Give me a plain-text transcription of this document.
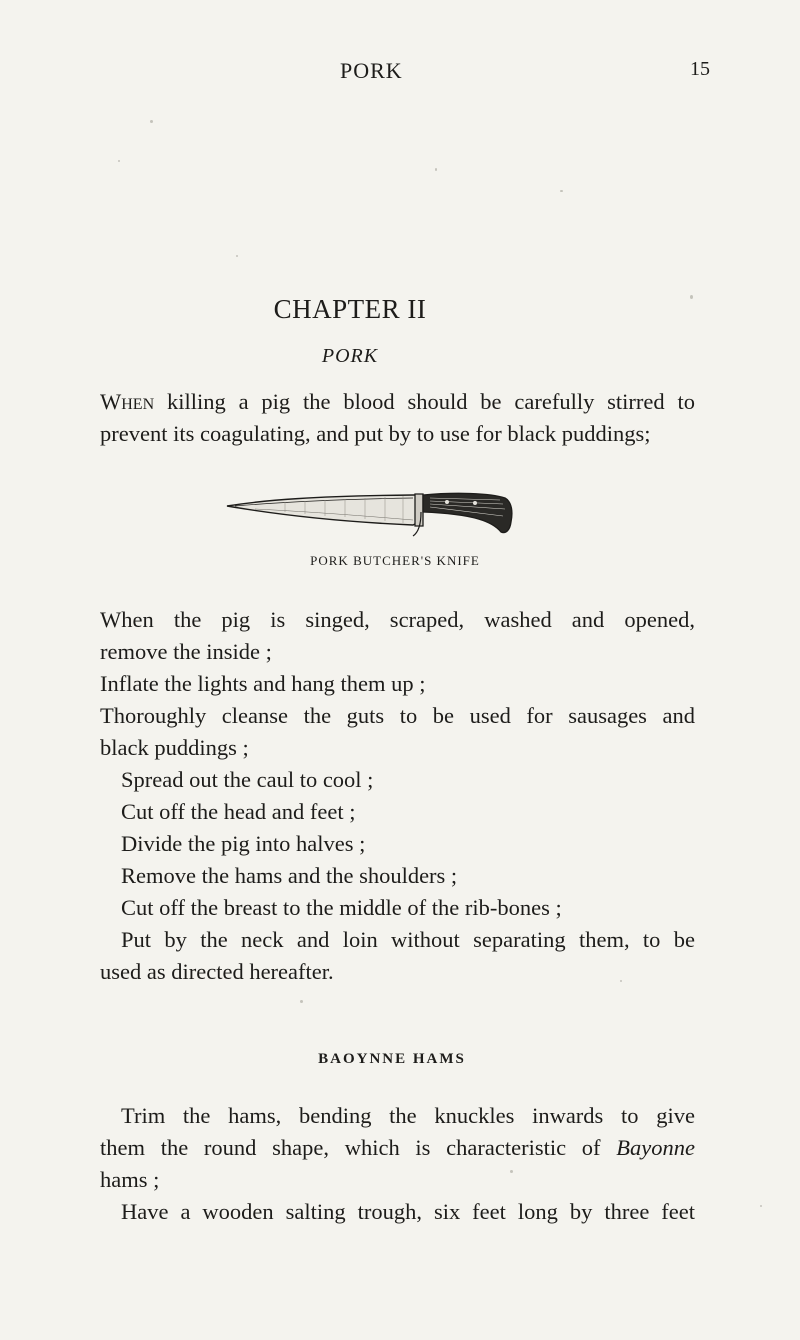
PORK	15
CHAPTER II
PORK
When killing a pig the blood should be carefully stirred to
prevent its coagulating, and put by to use for black puddings;
PORK BUTCHER'S KNIFE
When the pig is singed, scraped, washed and opened,
remove the inside ;
Inflate the lights and hang them up ;
Thoroughly cleanse the guts to be used for sausages and
black puddings ;
Spread out the caul to cool ;
Cut off the head and feet ;
Divide the pig into halves ;
Remove the hams and the shoulders ;
Cut off the breast to the middle of the rib-bones ;
Put by the neck and loin without separating them, to be
used as directed hereafter.
BAOYNNE HAMS
Trim the hams, bending the knuckles inwards to give
them the round shape, which is characteristic of Bayonne
hams ;
Have a wooden salting trough, six feet long by three feet
